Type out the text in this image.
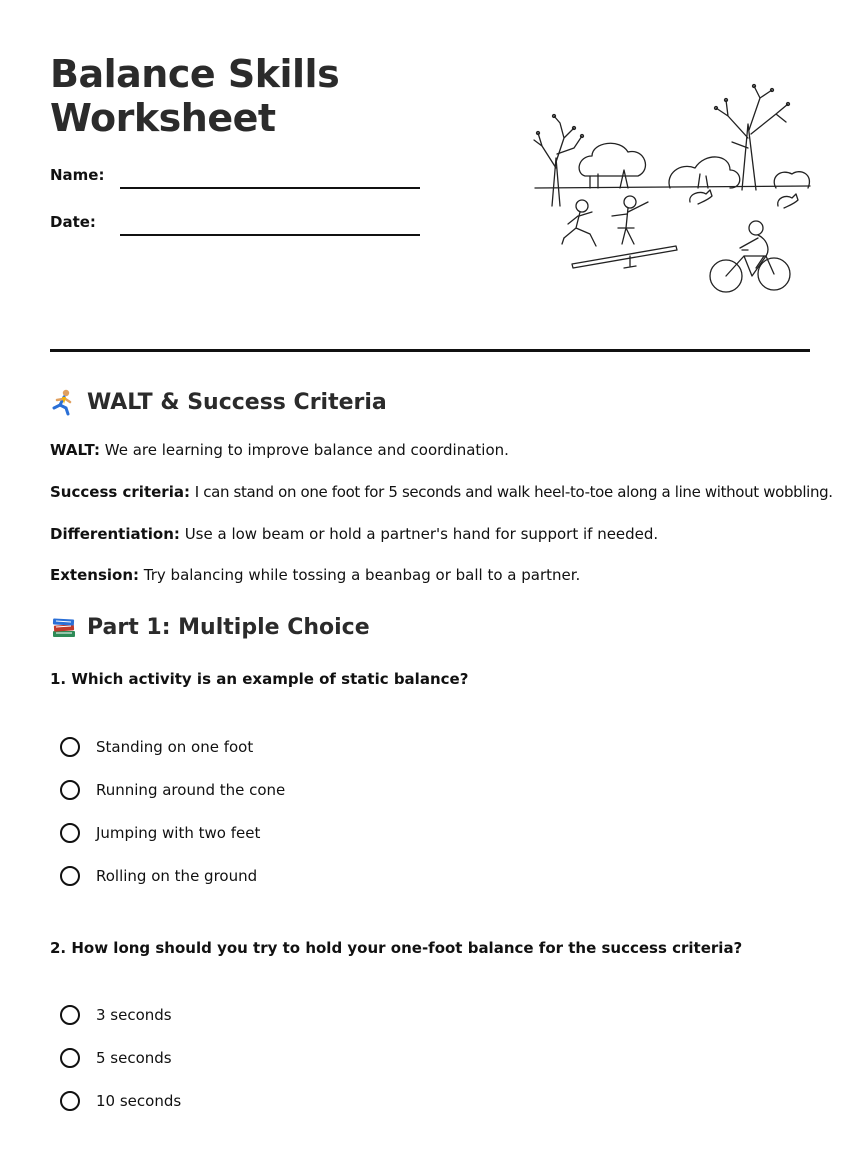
Balance Skills
Worksheet
Name:
Date:
WALT & Success Criteria
WALT: We are learning to improve balance and coordination.
Success criteria: I can stand on one foot for 5 seconds and walk heel-to-toe along a line without wobbling.
Differentiation: Use a low beam or hold a partner's hand for support if needed.
Extension: Try balancing while tossing a beanbag or ball to a partner.
Part 1: Multiple Choice
1. Which activity is an example of static balance?
Standing on one foot
Running around the cone
Jumping with two feet
Rolling on the ground
2. How long should you try to hold your one-foot balance for the success criteria?
3 seconds
5 seconds
10 seconds
